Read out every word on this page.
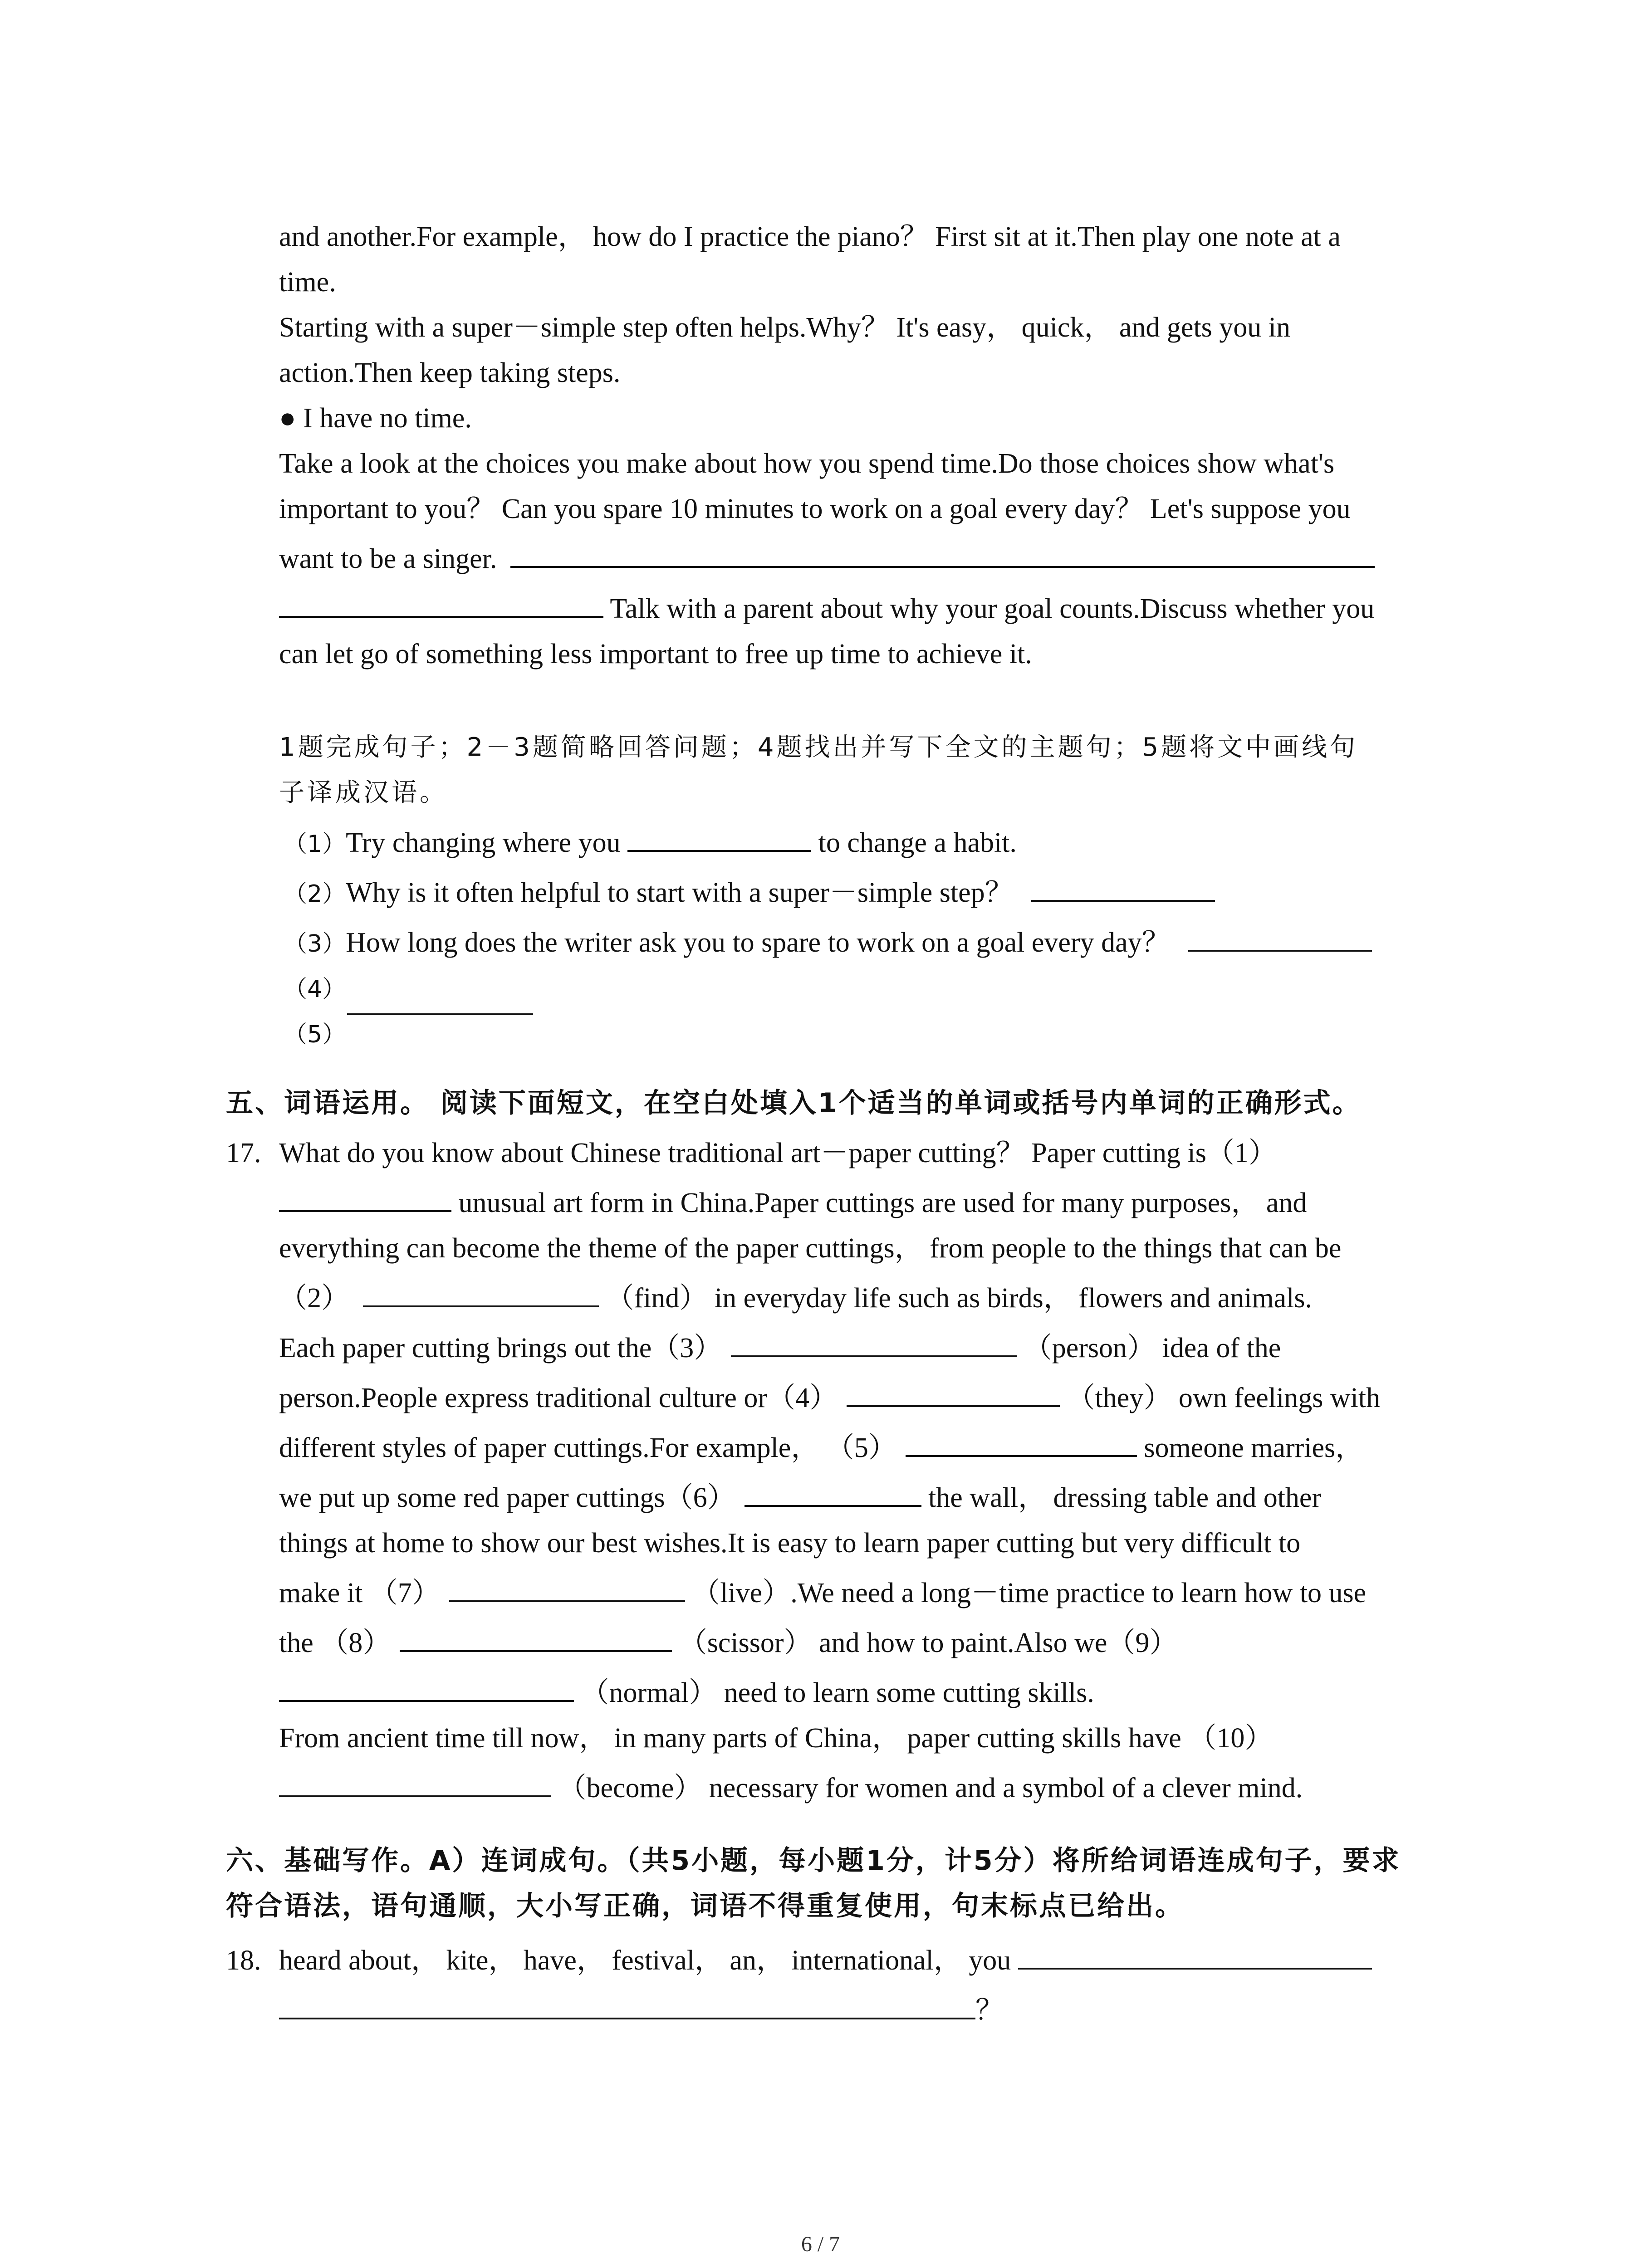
and another.For example， how do I practice the piano？ First sit at it.Then play one note at a
time.
Starting with a super－simple step often helps.Why？ It's easy， quick， and gets you in
action.Then keep taking steps.
● I have no time.
Take a look at the choices you make about how you spend time.Do those choices show what's
important to you？ Can you spare 10 minutes to work on a goal every day？ Let's suppose you
want to be a singer.
Talk with a parent about why your goal counts.Discuss whether you
can let go of something less important to free up time to achieve it.
1题完成句子；2－3题简略回答问题；4题找出并写下全文的主题句；5题将文中画线句
子译成汉语。
（1）Try changing where you	to change a habit.
（2）Why is it often helpful to start with a super－simple step？
（3）How long does the writer ask you to spare to work on a goal every day？
（4）
（5）
五、词语运用。 阅读下面短文，在空白处填入1个适当的单词或括号内单词的正确形式。
17. What do you know about Chinese traditional art－paper cutting？ Paper cutting is（1）
unusual art form in China.Paper cuttings are used for many purposes， and
everything can become the theme of the paper cuttings， from people to the things that can be
（2）	（find） in everyday life such as birds， flowers and animals.
Each paper cutting brings out the（3）	（person） idea of the
person.People express traditional culture or（4）	（they） own feelings with
different styles of paper cuttings.For example， （5）	someone marries，
we put up some red paper cuttings（6）	the wall， dressing table and other
things at home to show our best wishes.It is easy to learn paper cutting but very difficult to
make it （7）	（live）.We need a long－time practice to learn how to use
the （8）	（scissor） and how to paint.Also we（9）
（normal） need to learn some cutting skills.
From ancient time till now， in many parts of China， paper cutting skills have （10）
（become） necessary for women and a symbol of a clever mind.
六、基础写作。A）连词成句。（共5小题，每小题1分，计5分）将所给词语连成句子，要求
符合语法，语句通顺，大小写正确，词语不得重复使用，句末标点已给出。
18. heard about， kite， have， festival， an， international， you
？
6 / 7
